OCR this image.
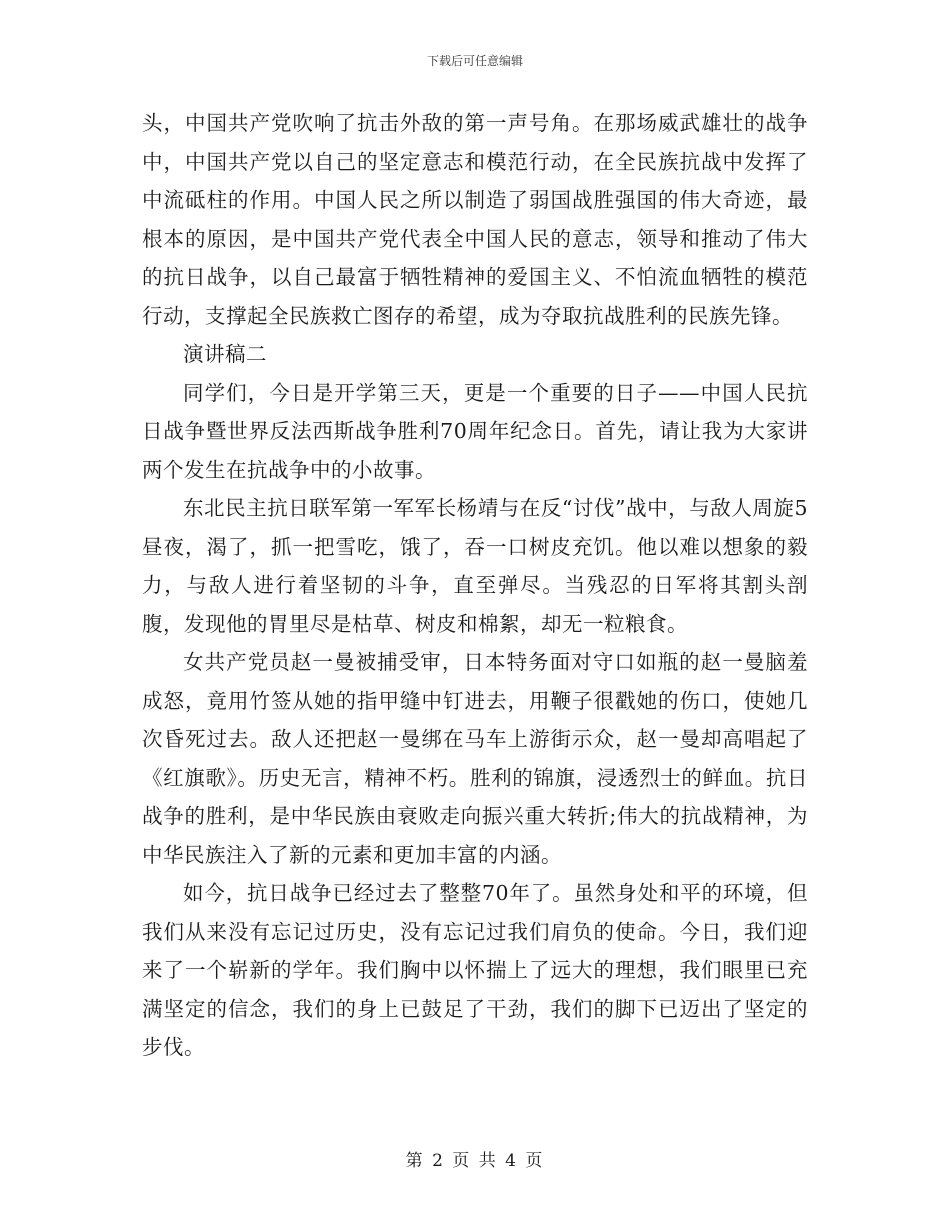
下载后可任意编辑

头，中国共产党吹响了抗击外敌的第一声号角。在那场威武雄壮的战争中，中国共产党以自己的坚定意志和模范行动，在全民族抗战中发挥了中流砥柱的作用。中国人民之所以制造了弱国战胜强国的伟大奇迹，最根本的原因，是中国共产党代表全中国人民的意志，领导和推动了伟大的抗日战争，以自己最富于牺牲精神的爱国主义、不怕流血牺牲的模范行动，支撑起全民族救亡图存的希望，成为夺取抗战胜利的民族先锋。

演讲稿二

同学们，今日是开学第三天，更是一个重要的日子——中国人民抗日战争暨世界反法西斯战争胜利70周年纪念日。首先，请让我为大家讲两个发生在抗战争中的小故事。

东北民主抗日联军第一军军长杨靖与在反“讨伐”战中，与敌人周旋5昼夜，渴了，抓一把雪吃，饿了，吞一口树皮充饥。他以难以想象的毅力，与敌人进行着坚韧的斗争，直至弹尽。当残忍的日军将其割头剖腹，发现他的胃里尽是枯草、树皮和棉絮，却无一粒粮食。

女共产党员赵一曼被捕受审，日本特务面对守口如瓶的赵一曼脑羞成怒，竟用竹签从她的指甲缝中钉进去，用鞭子很戳她的伤口，使她几次昏死过去。敌人还把赵一曼绑在马车上游街示众，赵一曼却高唱起了《红旗歌》。历史无言，精神不朽。胜利的锦旗，浸透烈士的鲜血。抗日战争的胜利，是中华民族由衰败走向振兴重大转折;伟大的抗战精神，为中华民族注入了新的元素和更加丰富的内涵。

如今，抗日战争已经过去了整整70年了。虽然身处和平的环境，但我们从来没有忘记过历史，没有忘记过我们肩负的使命。今日，我们迎来了一个崭新的学年。我们胸中以怀揣上了远大的理想，我们眼里已充满坚定的信念，我们的身上已鼓足了干劲，我们的脚下已迈出了坚定的步伐。

第 2 页 共 4 页
